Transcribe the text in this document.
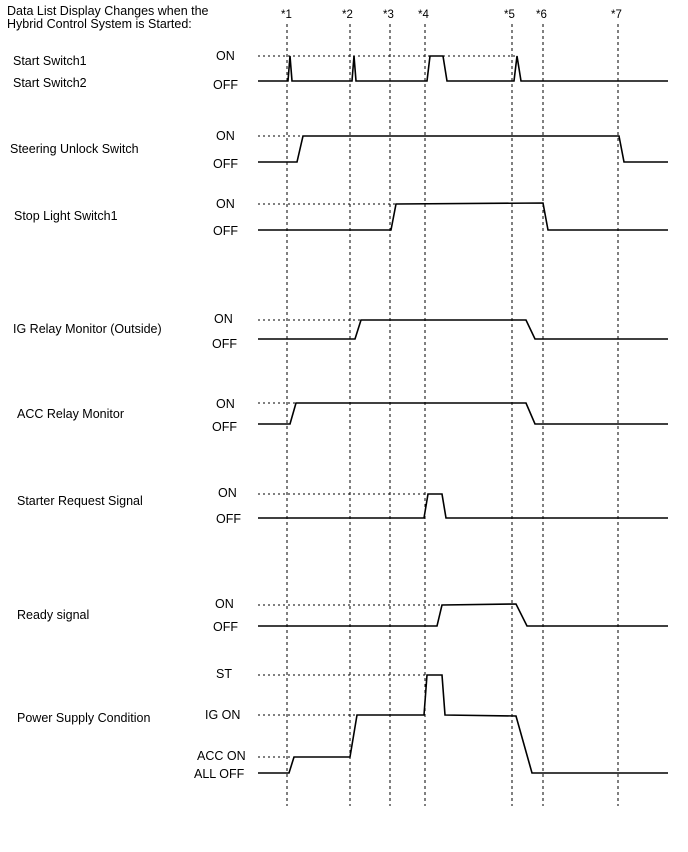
Data List Display Changes when the
Hybrid Control System is Started:
*1	*2	*3 *4	*5 *6	*7
Start Switch1
Start Switch2
ON
OFF
Steering Unlock Switch
ON
OFF
Stop Light Switch1
ON
OFF
IG Relay Monitor (Outside)
ON
OFF
ACC Relay Monitor
ON
OFF
Starter Request Signal
ON
OFF
Ready signal
ON
OFF
Power Supply Condition
ST
IG ON
ACC ON
ALL OFF
